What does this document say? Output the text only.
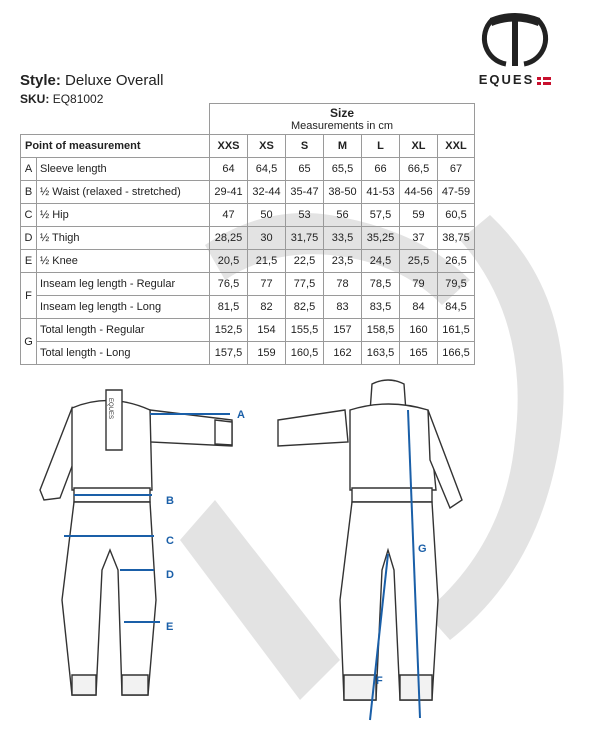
EQUES
Style: Deluxe Overall
SKU: EQ81002

		Size
Measurements in cm						

Point of measurement		XXS	XS	S	M	L	XL	XXL
A	Sleeve length	64	64,5	65	65,5	66	66,5	67
B	½ Waist (relaxed - stretched)	29-41	32-44	35-47	38-50	41-53	44-56	47-59
C	½ Hip	47	50	53	56	57,5	59	60,5
D	½ Thigh	28,25	30	31,75	33,5	35,25	37	38,75
E	½ Knee	20,5	21,5	22,5	23,5	24,5	25,5	26,5
F	Inseam leg length - Regular	76,5	77	77,5	78	78,5	79	79,5
	Inseam leg length - Long	81,5	82	82,5	83	83,5	84	84,5
G	Total length - Regular	152,5	154	155,5	157	158,5	160	161,5
	Total length - Long	157,5	159	160,5	162	163,5	165	166,5
EQUES	A
B
C
D
E
F
G
